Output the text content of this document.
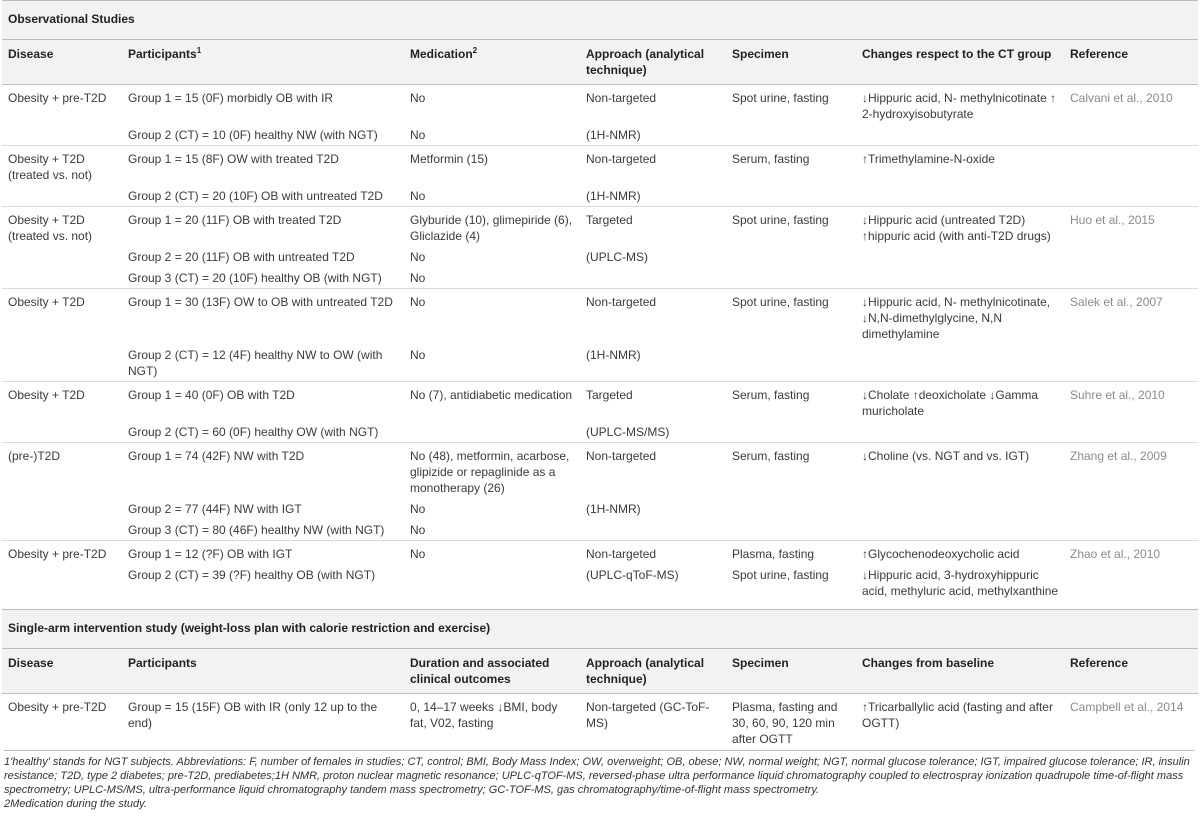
Observational Studies						
Disease	Participants$^1$	Medication$^2$	Approach (analytical technique)	Specimen	Changes respect to the CT group	Reference
Obesity + pre-T2D	Group 1 = 15 (0F) morbidly OB with IR	No	Non-targeted	Spot urine, fasting	↓Hippuric acid, N- methylnicotinate ↑ 2-hydroxyisobutyrate	Calvani et al., 2010
	Group 2 (CT) = 10 (0F) healthy NW (with NGT)	No	(1H-NMR)			
Obesity + T2D (treated vs. not)	Group 1 = 15 (8F) OW with treated T2D	Metformin (15)	Non-targeted	Serum, fasting	↑Trimethylamine-N-oxide	
	Group 2 (CT) = 20 (10F) OB with untreated T2D	No	(1H-NMR)			
Obesity + T2D (treated vs. not)	Group 1 = 20 (11F) OB with treated T2D	Glyburide (10), glimepiride (6), Gliclazide (4)	Targeted	Spot urine, fasting	↓Hippuric acid (untreated T2D) ↑hippuric acid (with anti-T2D drugs)	Huo et al., 2015
	Group 2 = 20 (11F) OB with untreated T2D	No	(UPLC-MS)			
	Group 3 (CT) = 20 (10F) healthy OB (with NGT)	No				
Obesity + T2D	Group 1 = 30 (13F) OW to OB with untreated T2D	No	Non-targeted	Spot urine, fasting	↓Hippuric acid, N- methylnicotinate, ↓N,N-dimethylglycine, N,N dimethylamine	Salek et al., 2007
	Group 2 (CT) = 12 (4F) healthy NW to OW (with NGT)	No	(1H-NMR)			
Obesity + T2D	Group 1 = 40 (0F) OB with T2D	No (7), antidiabetic medication	Targeted	Serum, fasting	↓Cholate ↑deoxicholate ↓Gamma muricholate	Suhre et al., 2010
	Group 2 (CT) = 60 (0F) healthy OW (with NGT)		(UPLC-MS/MS)			
(pre-)T2D	Group 1 = 74 (42F) NW with T2D	No (48), metformin, acarbose, glipizide or repaglinide as a monotherapy (26)	Non-targeted	Serum, fasting	↓Choline (vs. NGT and vs. IGT)	Zhang et al., 2009
	Group 2 = 77 (44F) NW with IGT	No	(1H-NMR)			
	Group 3 (CT) = 80 (46F) healthy NW (with NGT)	No				
Obesity + pre-T2D	Group 1 = 12 (?F) OB with IGT	No	Non-targeted	Plasma, fasting	↑Glycochenodeoxycholic acid	Zhao et al., 2010
	Group 2 (CT) = 39 (?F) healthy OB (with NGT)		(UPLC-qToF-MS)	Spot urine, fasting	↓Hippuric acid, 3-hydroxyhippuric acid, methyluric acid, methylxanthine	

Single-arm intervention study (weight-loss plan with calorie restriction and exercise)						
Disease	Participants	Duration and associated clinical outcomes	Approach (analytical technique)	Specimen	Changes from baseline	Reference
Obesity + pre-T2D	Group = 15 (15F) OB with IR (only 12 up to the end)	0, 14–17 weeks ↓BMI, body fat, V02, fasting	Non-targeted (GC-ToF-MS)	Plasma, fasting and 30, 60, 90, 120 min after OGTT	↑Tricarballylic acid (fasting and after OGTT)	Campbell et al., 2014

1'healthy' stands for NGT subjects. Abbreviations: F, number of females in studies; CT, control; BMI, Body Mass Index; OW, overweight; OB, obese; NW, normal weight; NGT, normal glucose tolerance; IGT, impaired glucose tolerance; IR, insulin resistance; T2D, type 2 diabetes; pre-T2D, prediabetes;1H NMR, proton nuclear magnetic resonance; UPLC-qTOF-MS, reversed-phase ultra performance liquid chromatography coupled to electrospray ionization quadrupole time-of-flight mass spectrometry; UPLC-MS/MS, ultra-performance liquid chromatography tandem mass spectrometry; GC-TOF-MS, gas chromatography/time-of-flight mass spectrometry.

2Medication during the study.
